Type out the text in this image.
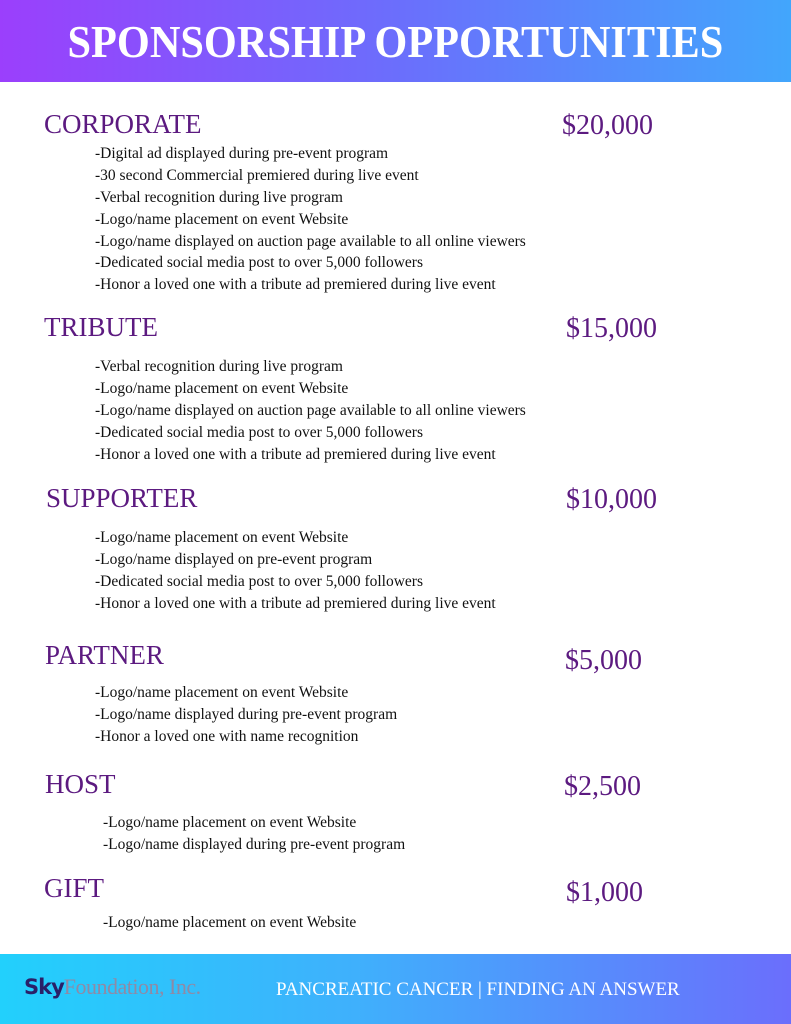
SPONSORSHIP OPPORTUNITIES
CORPORATE	$20,000
-Digital ad displayed during pre-event program
-30 second Commercial premiered during live event
-Verbal recognition during live program
-Logo/name placement on event Website
-Logo/name displayed on auction page available to all online viewers
-Dedicated social media post to over 5,000 followers
-Honor a loved one with a tribute ad premiered during live event
TRIBUTE	$15,000
-Verbal recognition during live program
-Logo/name placement on event Website
-Logo/name displayed on auction page available to all online viewers
-Dedicated social media post to over 5,000 followers
-Honor a loved one with a tribute ad premiered during live event
SUPPORTER	$10,000
-Logo/name placement on event Website
-Logo/name displayed on pre-event program
-Dedicated social media post to over 5,000 followers
-Honor a loved one with a tribute ad premiered during live event
PARTNER	$5,000
-Logo/name placement on event Website
-Logo/name displayed during pre-event program
-Honor a loved one with name recognition
HOST	$2,500
-Logo/name placement on event Website
-Logo/name displayed during pre-event program
GIFT	$1,000
-Logo/name placement on event Website
SkyFoundation, Inc.	PANCREATIC CANCER | FINDING AN ANSWER
